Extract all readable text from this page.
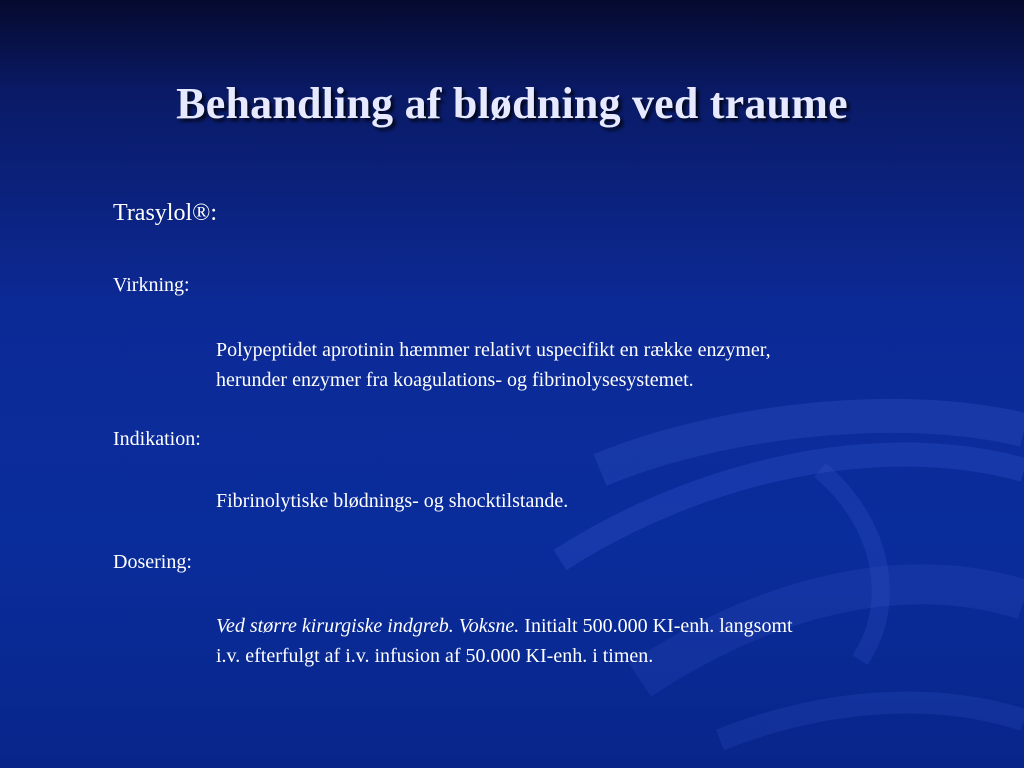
Behandling af blødning ved traume

Trasylol®:

Virkning:

Polypeptidet aprotinin hæmmer relativt uspecifikt en række enzymer,
herunder enzymer fra koagulations- og fibrinolysesystemet.

Indikation:

Fibrinolytiske blødnings- og shocktilstande.

Dosering:

Ved større kirurgiske indgreb. Voksne. Initialt 500.000 KI-enh. langsomt
i.v. efterfulgt af i.v. infusion af 50.000 KI-enh. i timen.
